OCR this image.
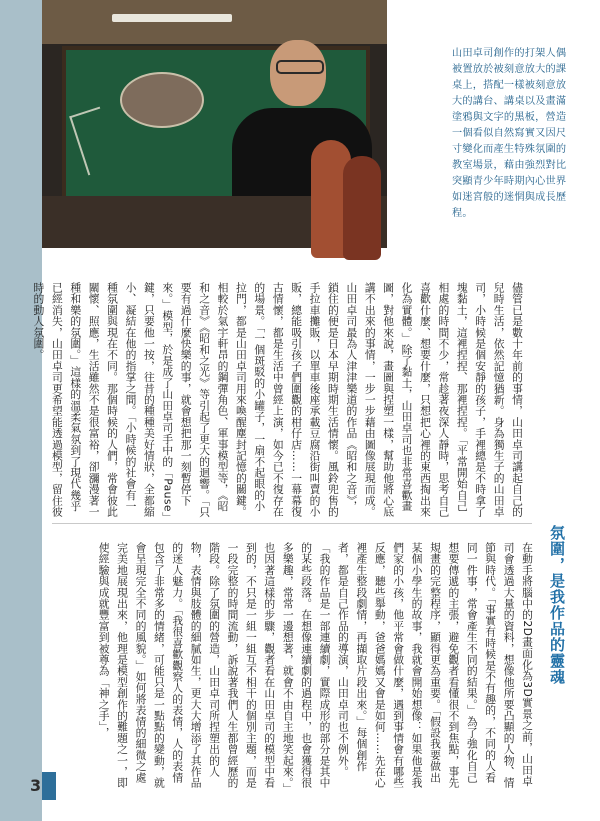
山田卓司創作的打架人偶被置放於被刻意放大的課桌上，搭配一樣被刻意放大的講台、講桌以及畫滿塗鴉與文字的黑板，營造一個看似自然寫實又因尺寸變化而產生特殊氛圍的教室場景，藉由強烈對比突顯青少年時期內心世界如迷宮般的迷惘與成長歷程。
儘管已是數十年前的事情，山田卓司講起自己的兒時生活，依然記憶猶新。身為獨生子的山田卓司，小時候是個安靜的孩子，手裡總是不時拿了塊黏土，這裡捏捏、那裡捏捏。「平常開始自己相處的時間不少，常趁著夜深人靜時，思考自己喜歡什麼、想要什麼，只想把心裡的東西掏出來化為實體。」除了黏土，山田卓司也非常喜歡畫圖，對他來說，畫圖與捏塑一樣，幫助他將心底講不出來的事情，一步一步藉由圖像展現而成。山田卓司最為人津津樂道的作品《昭和之音》，鎖住的便是日本早期時期生活情懷。風鈴兜售的手拉車攤販，以單車後座承載豆腐沿街叫賣的小販，總能吸引孩子們圍觀的柑仔店……一幕幕復古情懷，都是生活中曾經上演，如今已不復存在的場景。「一個斑駁的小罐子，一扇不起眼的小拉門，都是山田卓司用來喚醒塵封記憶的關鍵。相較於氣宇軒昂的鋼彈角色、軍事模型等，《昭和之音》《昭和之光》等引起了更大的迴響。「只要有過什麼快樂的事，就會想把那一刻暫停下來。」模型，於是成了山田卓司手中的「Pause」鍵，只要他一按，往昔的種種美好情狀，全都縮小、凝結在他的指掌之間。「小時候的社會有一種氛圍與現在不同。那個時候的人們，常會彼此關懷、照應，生活雖然不是很富裕，卻瀰漫著一種和樂的氛圍。」這樣的溫柔氣氛到了現代幾乎已經消失，山田卓司更希望能透過模型，留住彼時的動人氛圍。
氛圍，是我作品的靈魂
在動手將腦中的2D畫面化為3D實景之前，山田卓司會透過大量的資料，想像他所要凸顯的人物、情節與時代。「事實有時候是不有趣的，不同的人看同一件事，常會產生不同的結果。」為了強化自己想要傳遞的主張，避免觀者看懂很不到焦點，事先規畫的完整程序，顯得更為重要。「假設我要做出某個小學生的故事，我就會開始想像：如果他是我們家的小孩，他平常會做什麼，遇到事情會有哪些反應，聽些舉動，爸爸媽媽又會是如何……先在心裡產生整段劇情，再擷取片段出來。」每個創作者，都是自己作品的導演，山田卓司也不例外。「我的作品是一部連續劇，實際成形的部分是其中的某些段落。在想像連續劇的過程中，也會獲得很多樂趣，常常一邊想著，就會不由自主地笑起來。」也因著這樣的步驟，觀者看在山田卓司的模型中看到的，不只是一組一組互不相干的個別主題，而是一段完整的時間流動，訴說著我們人生都曾經歷的階段。除了氛圍的營造，山田卓司所捏塑出的人物，表情與肢體的細膩如生，更大大增添了其作品的迷人魅力。「我很喜歡觀察人的表情，人的表情包含了非常多的情緒，可能只是一點點的變動，就會呈現完全不同的風貌。」如何將表情的細微之處完美地展現出來，他理是模型創作的難題之一，即使經驗與成就豐富到被尊為「神之手」，
3
